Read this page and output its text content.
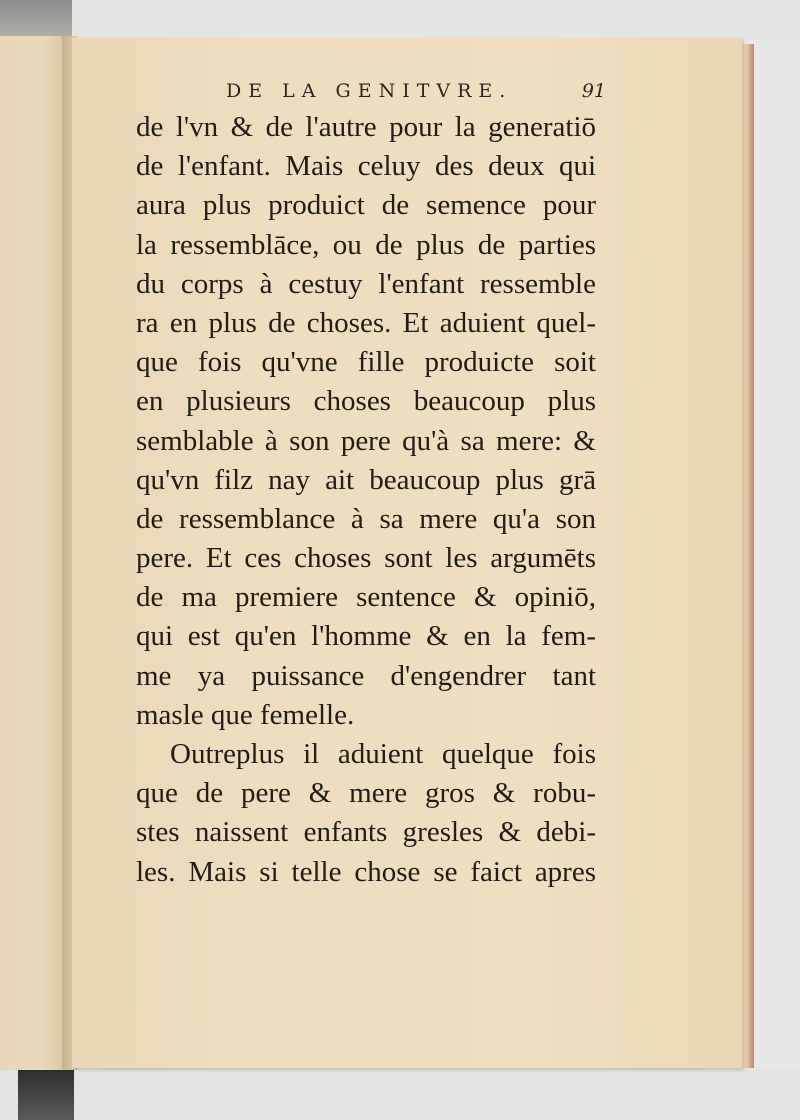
DE LA GENITVRE.	91
de l'vn & de l'autre pour la generatiō
de l'enfant. Mais celuy des deux qui
aura plus produict de semence pour
la ressemblāce, ou de plus de parties
du corps à cestuy l'enfant ressemble
ra en plus de choses. Et aduient quel-
que fois qu'vne fille produicte soit
en plusieurs choses beaucoup plus
semblable à son pere qu'à sa mere: &
qu'vn filz nay ait beaucoup plus grā
de ressemblance à sa mere qu'a son
pere. Et ces choses sont les argumēts
de ma premiere sentence & opiniō,
qui est qu'en l'homme & en la fem-
me ya puissance d'engendrer tant
masle que femelle.
Outreplus il aduient quelque fois
que de pere & mere gros & robu-
stes naissent enfants gresles & debi-
les. Mais si telle chose se faict apres
